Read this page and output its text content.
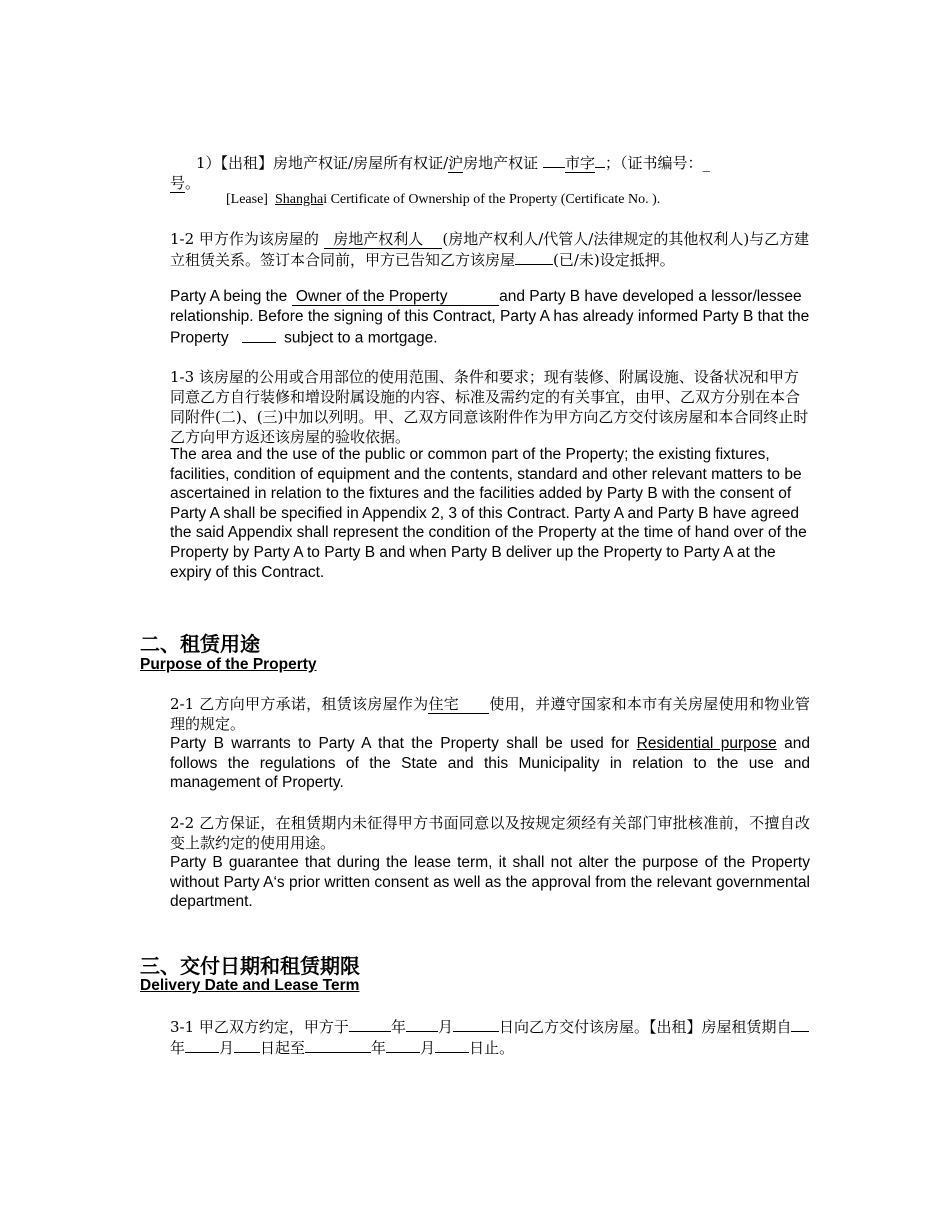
1）【出租】房地产权证/房屋所有权证/沪房地产权证 市字 ；（证书编号：_
号。

[Lease] Shanghai Certificate of Ownership of the Property (Certificate No. ).

1-2 甲方作为该房屋的 房地产权利人 (房地产权利人/代管人/法律规定的其他权利人)与乙方建立租赁关系。签订本合同前，甲方已告知乙方该房屋	(已/未)设定抵押。

Party A being the Owner of the Property	and Party B have developed a lessor/lessee relationship. Before the signing of this Contract, Party A has already informed Party B that the Property	subject to a mortgage.

1-3 该房屋的公用或合用部位的使用范围、条件和要求；现有装修、附属设施、设备状况和甲方同意乙方自行装修和增设附属设施的内容、标准及需约定的有关事宜，由甲、乙双方分别在本合同附件(二)、(三)中加以列明。甲、乙双方同意该附件作为甲方向乙方交付该房屋和本合同终止时乙方向甲方返还该房屋的验收依据。

The area and the use of the public or common part of the Property; the existing fixtures, facilities, condition of equipment and the contents, standard and other relevant matters to be ascertained in relation to the fixtures and the facilities added by Party B with the consent of Party A shall be specified in Appendix 2, 3 of this Contract. Party A and Party B have agreed the said Appendix shall represent the condition of the Property at the time of hand over of the Property by Party A to Party B and when Party B deliver up the Property to Party A at the expiry of this Contract.

二、租赁用途
Purpose of the Property

2-1 乙方向甲方承诺，租赁该房屋作为住宅 使用，并遵守国家和本市有关房屋使用和物业管理的规定。

Party B warrants to Party A that the Property shall be used for Residential purpose and follows the regulations of the State and this Municipality in relation to the use and management of Property.

2-2 乙方保证，在租赁期内未征得甲方书面同意以及按规定须经有关部门审批核准前，不擅自改变上款约定的使用用途。

Party B guarantee that during the lease term, it shall not alter the purpose of the Property without Party A‘s prior written consent as well as the approval from the relevant governmental department.

三、交付日期和租赁期限
Delivery Date and Lease Term

3-1 甲乙双方约定，甲方于	年 月	日向乙方交付该房屋。【出租】房屋租赁期自年 月 日起至	年 月 日止。
